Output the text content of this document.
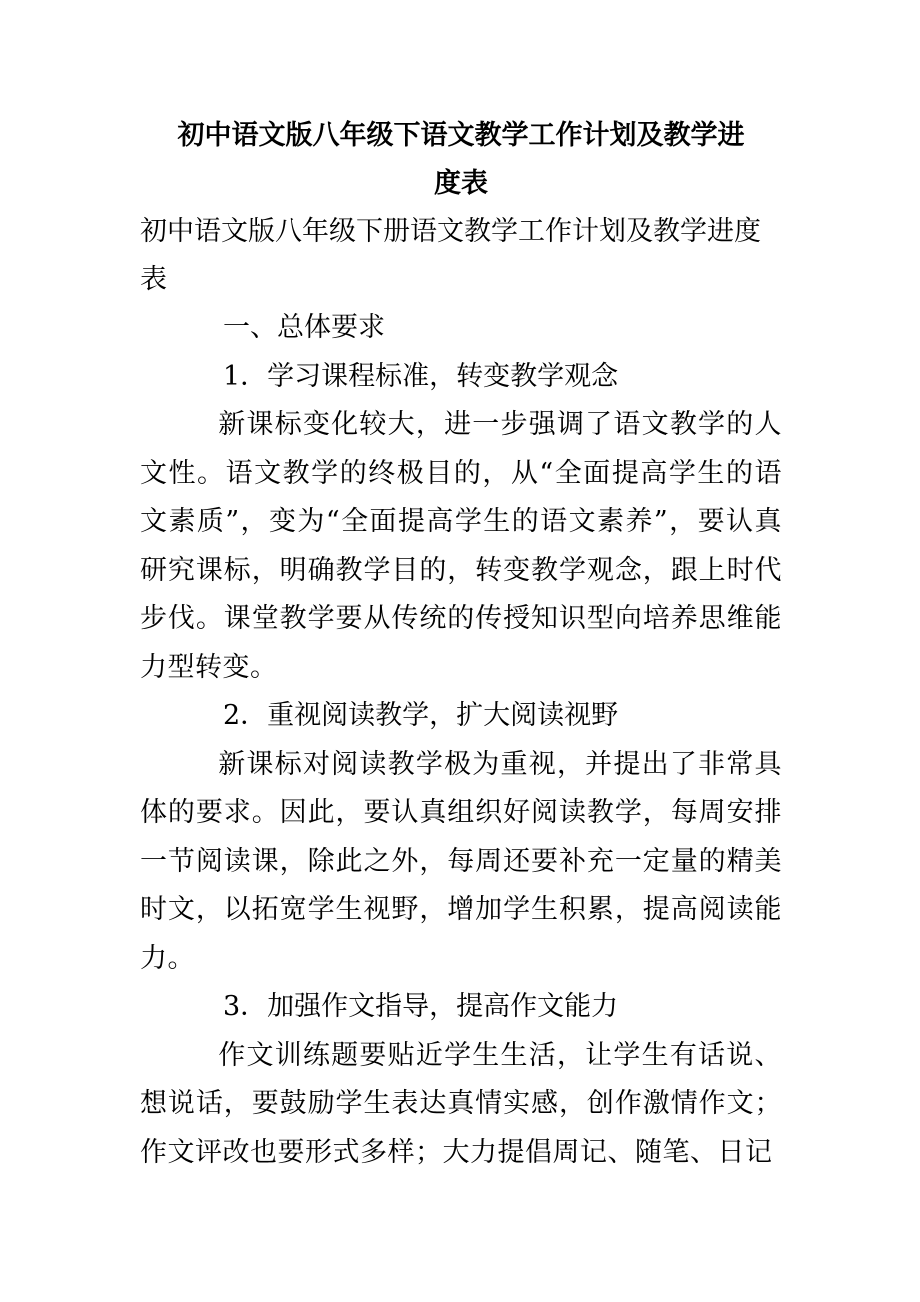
初中语文版八年级下语文教学工作计划及教学进
度表

初中语文版八年级下册语文教学工作计划及教学进度表

一、总体要求

1．学习课程标准，转变教学观念

新课标变化较大，进一步强调了语文教学的人文性。语文教学的终极目的，从“全面提高学生的语文素质”，变为“全面提高学生的语文素养”，要认真研究课标，明确教学目的，转变教学观念，跟上时代步伐。课堂教学要从传统的传授知识型向培养思维能力型转变。

2．重视阅读教学，扩大阅读视野

新课标对阅读教学极为重视，并提出了非常具体的要求。因此，要认真组织好阅读教学，每周安排一节阅读课，除此之外，每周还要补充一定量的精美时文，以拓宽学生视野，增加学生积累，提高阅读能力。

3．加强作文指导，提高作文能力

作文训练题要贴近学生生活，让学生有话说、想说话，要鼓励学生表达真情实感，创作激情作文；作文评改也要形式多样；大力提倡周记、随笔、日记
